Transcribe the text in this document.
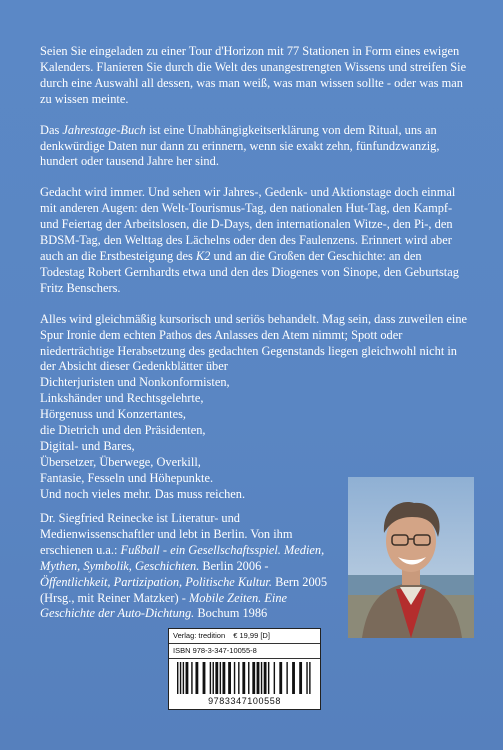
Seien Sie eingeladen zu einer Tour d'Horizon mit 77 Stationen in Form eines ewigen Kalenders. Flanieren Sie durch die Welt des unangestrengten Wissens und streifen Sie durch eine Auswahl all dessen, was man weiß, was man wissen sollte - oder was man zu wissen meinte.

Das Jahrestage-Buch ist eine Unabhängigkeitserklärung von dem Ritual, uns an denkwürdige Daten nur dann zu erinnern, wenn sie exakt zehn, fünfundzwanzig, hundert oder tausend Jahre her sind.

Gedacht wird immer. Und sehen wir Jahres-, Gedenk- und Aktionstage doch einmal mit anderen Augen: den Welt-Tourismus-Tag, den nationalen Hut-Tag, den Kampf- und Feiertag der Arbeitslosen, die D-Days, den internationalen Witze-, den Pi-, den BDSM-Tag, den Welttag des Lächelns oder den des Faulenzens. Erinnert wird aber auch an die Erstbesteigung des K2 und an die Großen der Geschichte: an den Todestag Robert Gernhardts etwa und den des Diogenes von Sinope, den Geburtstag Fritz Benschers.

Alles wird gleichmäßig kursorisch und seriös behandelt. Mag sein, dass zuweilen eine Spur Ironie dem echten Pathos des Anlasses den Atem nimmt; Spott oder niederträchtige Herabsetzung des gedachten Gegenstands liegen gleichwohl nicht in der Absicht dieser Gedenkblätter über

Dichterjuristen und Nonkonformisten,
Linkshänder und Rechtsgelehrte,
Hörgenuss und Konzertantes,
die Dietrich und den Präsidenten,
Digital- und Bares,
Übersetzer, Überwege, Overkill,
Fantasie, Fesseln und Höhepunkte.
Und noch vieles mehr. Das muss reichen.

Dr. Siegfried Reinecke ist Literatur- und Medienwissenschaftler und lebt in Berlin. Von ihm erschienen u.a.: Fußball - ein Gesellschaftsspiel. Medien, Mythen, Symbolik, Geschichten. Berlin 2006 - Öffentlichkeit, Partizipation, Politische Kultur. Bern 2005 (Hrsg., mit Reiner Matzker) - Mobile Zeiten. Eine Geschichte der Auto-Dichtung. Bochum 1986

Verlag: tredition € 19,99 [D]
ISBN 978-3-347-10055-8
9783347100558
